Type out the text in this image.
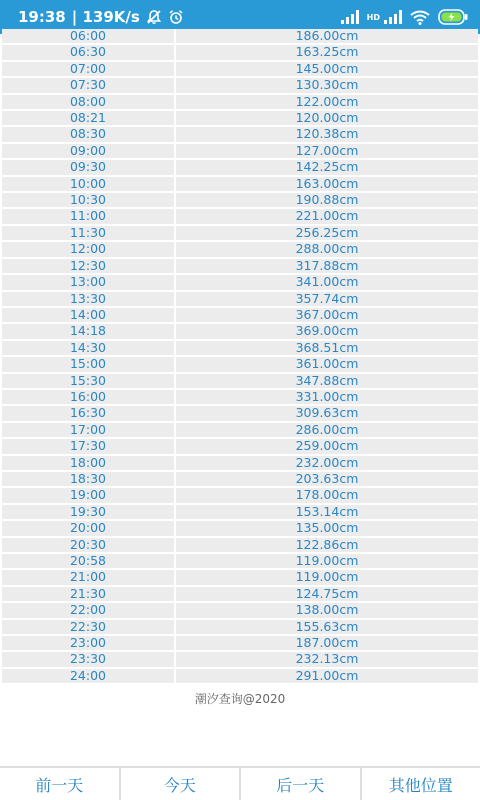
19:38 | 139K/s	HD
06:00	186.00cm
06:30	163.25cm
07:00	145.00cm
07:30	130.30cm
08:00	122.00cm
08:21	120.00cm
08:30	120.38cm
09:00	127.00cm
09:30	142.25cm
10:00	163.00cm
10:30	190.88cm
11:00	221.00cm
11:30	256.25cm
12:00	288.00cm
12:30	317.88cm
13:00	341.00cm
13:30	357.74cm
14:00	367.00cm
14:18	369.00cm
14:30	368.51cm
15:00	361.00cm
15:30	347.88cm
16:00	331.00cm
16:30	309.63cm
17:00	286.00cm
17:30	259.00cm
18:00	232.00cm
18:30	203.63cm
19:00	178.00cm
19:30	153.14cm
20:00	135.00cm
20:30	122.86cm
20:58	119.00cm
21:00	119.00cm
21:30	124.75cm
22:00	138.00cm
22:30	155.63cm
23:00	187.00cm
23:30	232.13cm
24:00	291.00cm
潮汐查询@2020
前一天	今天	后一天	其他位置
